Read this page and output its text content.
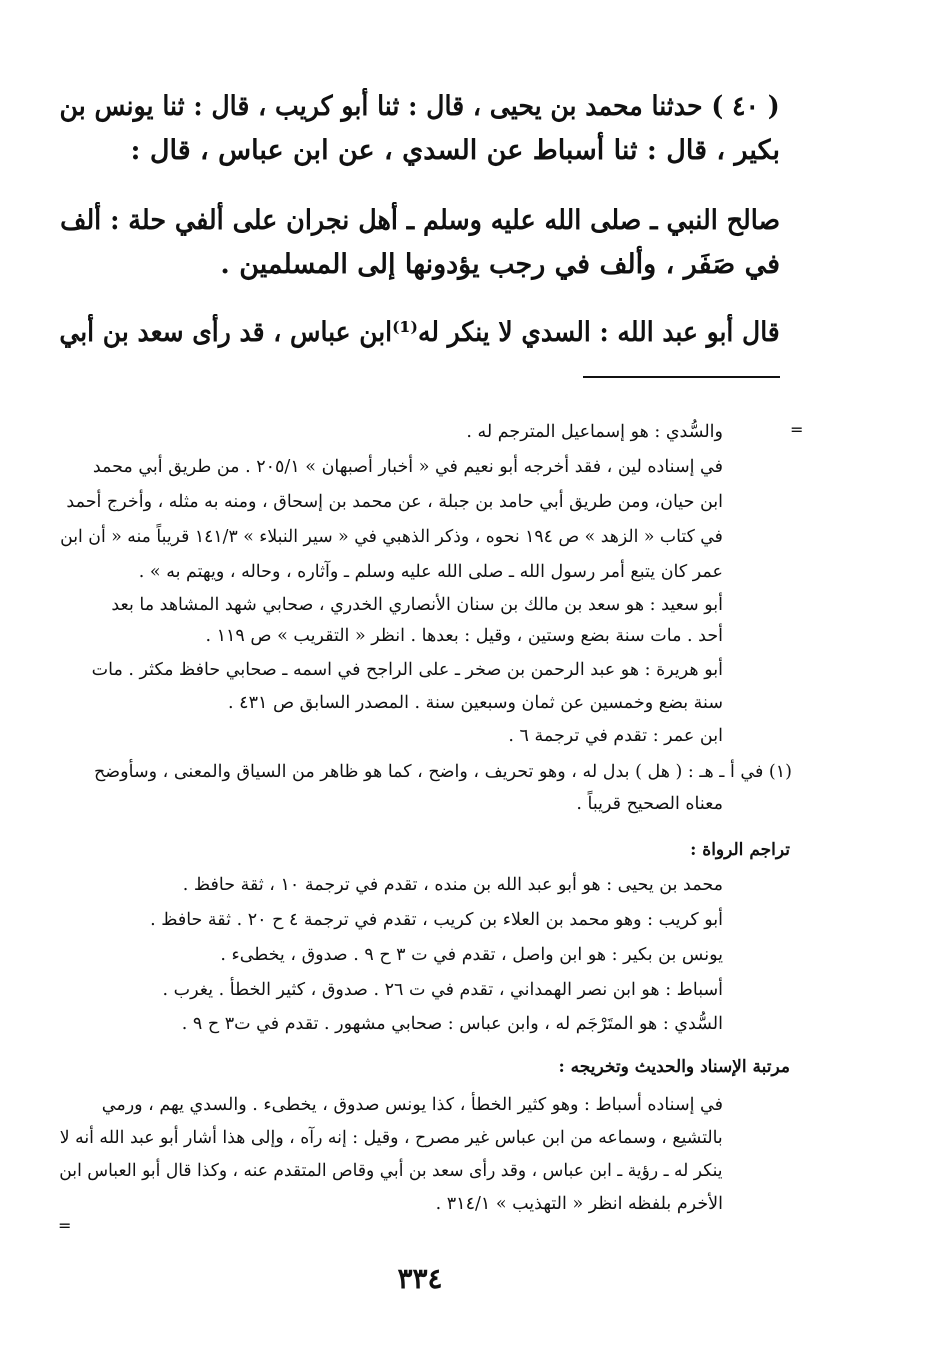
( ٤٠ ) حدثنا محمد بن يحيى ، قال : ثنا أبو كريب ، قال : ثنا يونس بن
بكير ، قال : ثنا أسباط عن السدي ، عن ابن عباس ، قال :
صالح النبي ـ صلى الله عليه وسلم ـ أهل نجران على ألفي حلة : ألف
في صَفَر ، وألف في رجب يؤدونها إلى المسلمين .
قال أبو عبد الله : السدي لا ينكر له⁽¹⁾ابن عباس ، قد رأى سعد بن أبي
=
والسُّدي : هو إسماعيل المترجم له .
في إسناده لين ، فقد أخرجه أبو نعيم في « أخبار أصبهان » ٢٠٥/١ . من طريق أبي محمد
ابن حيان، ومن طريق أبي حامد بن جبلة ، عن محمد بن إسحاق ، ومنه به مثله ، وأخرج أحمد
في كتاب « الزهد » ص ١٩٤ نحوه ، وذكر الذهبي في « سير النبلاء » ١٤١/٣ قريباً منه « أن ابن
عمر كان يتبع أمر رسول الله ـ صلى الله عليه وسلم ـ وآثاره ، وحاله ، ويهتم به » .
أبو سعيد : هو سعد بن مالك بن سنان الأنصاري الخدري ، صحابي شهد المشاهد ما بعد
أحد . مات سنة بضع وستين ، وقيل : بعدها . انظر « التقريب » ص ١١٩ .
أبو هريرة : هو عبد الرحمن بن صخر ـ على الراجح في اسمه ـ صحابي حافظ مكثر . مات
سنة بضع وخمسين عن ثمان وسبعين سنة . المصدر السابق ص ٤٣١ .
ابن عمر : تقدم في ترجمة ٦ .
(١) في أ ـ هـ : ( هل ) بدل له ، وهو تحريف ، واضح ، كما هو ظاهر من السياق والمعنى ، وسأوضح
معناه الصحيح قريباً .
تراجم الرواة :
محمد بن يحيى : هو أبو عبد الله بن منده ، تقدم في ترجمة ١٠ ، ثقة حافظ .
أبو كريب : وهو محمد بن العلاء بن كريب ، تقدم في ترجمة ٤ ح ٢٠ . ثقة حافظ .
يونس بن بكير : هو ابن واصل ، تقدم في ت ٣ ح ٩ . صدوق ، يخطىء .
أسباط : هو ابن نصر الهمداني ، تقدم في ت ٢٦ . صدوق ، كثير الخطأ . يغرب .
السُّدي : هو المتَرْجَم له ، وابن عباس : صحابي مشهور . تقدم في ت٣ ح ٩ .
مرتبة الإسناد والحديث وتخريجه :
في إسناده أسباط : وهو كثير الخطأ ، كذا يونس صدوق ، يخطىء . والسدي يهم ، ورمي
بالتشيع ، وسماعه من ابن عباس غير مصرح ، وقيل : إنه رآه ، وإلى هذا أشار أبو عبد الله أنه لا
ينكر له ـ رؤية ـ ابن عباس ، وقد رأى سعد بن أبي وقاص المتقدم عنه ، وكذا قال أبو العباس ابن
الأخرم بلفظه انظر « التهذيب » ٣١٤/١ .
=
٣٣٤
